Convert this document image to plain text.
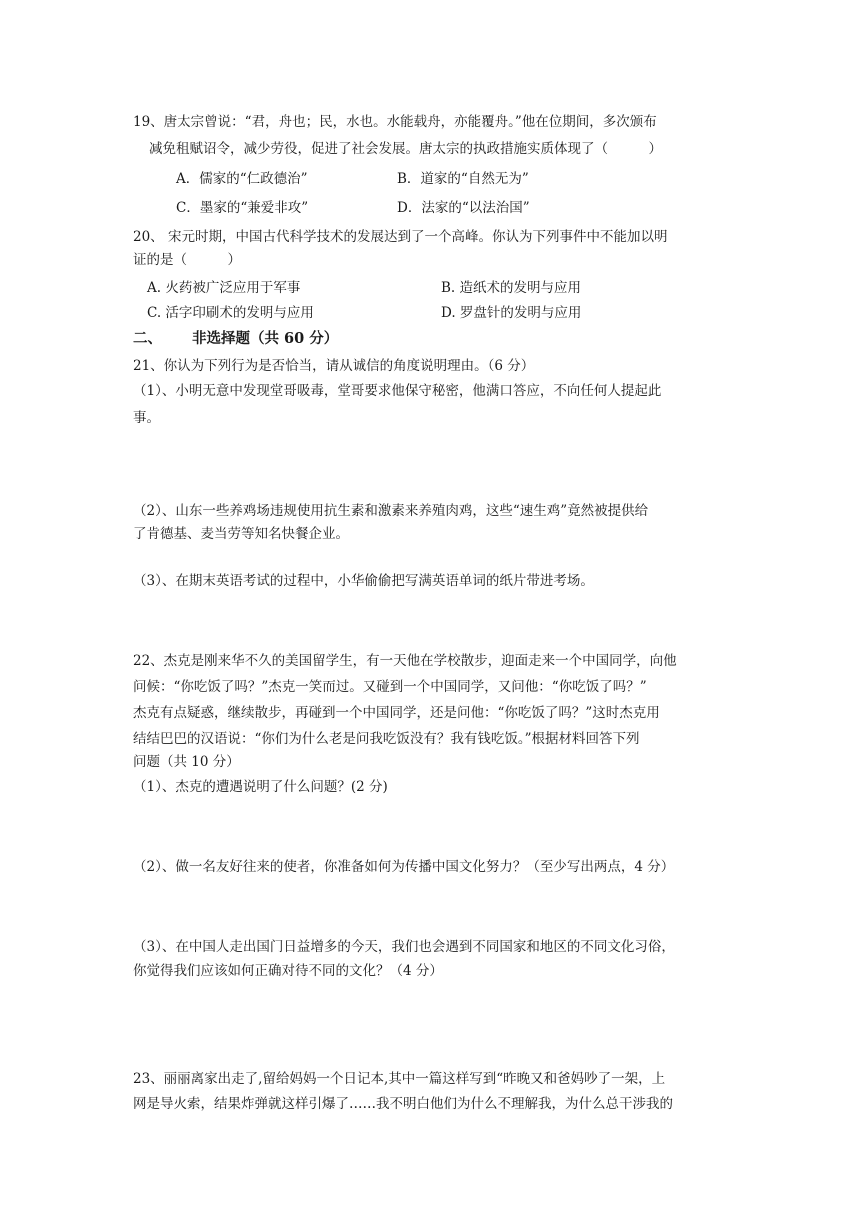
19、唐太宗曾说：“君，舟也；民，水也。水能载舟，亦能覆舟。”他在位期间，多次颁布
减免租赋诏令，减少劳役，促进了社会发展。唐太宗的执政措施实质体现了（　　　）
A．儒家的“仁政德治”	B．道家的“自然无为”
C．墨家的“兼爱非攻”	D．法家的“以法治国”
20、 宋元时期，中国古代科学技术的发展达到了一个高峰。你认为下列事件中不能加以明
证的是（　　　）
A. 火药被广泛应用于军事	B. 造纸术的发明与应用
C. 活字印刷术的发明与应用	D. 罗盘针的发明与应用
二、 非选择题（共 60 分）
21、你认为下列行为是否恰当，请从诚信的角度说明理由。（6 分）
（1）、小明无意中发现堂哥吸毒，堂哥要求他保守秘密，他满口答应，不向任何人提起此
事。
（2）、山东一些养鸡场违规使用抗生素和激素来养殖肉鸡，这些“速生鸡”竟然被提供给
了肯德基、麦当劳等知名快餐企业。
（3）、在期末英语考试的过程中，小华偷偷把写满英语单词的纸片带进考场。
22、杰克是刚来华不久的美国留学生，有一天他在学校散步，迎面走来一个中国同学，向他
问候：“你吃饭了吗？”杰克一笑而过。又碰到一个中国同学，又问他：“你吃饭了吗？”
杰克有点疑惑，继续散步，再碰到一个中国同学，还是问他：“你吃饭了吗？”这时杰克用
结结巴巴的汉语说：“你们为什么老是问我吃饭没有？我有钱吃饭。”根据材料回答下列
问题（共 10 分）
（1）、杰克的遭遇说明了什么问题？(2 分)
（2）、做一名友好往来的使者，你准备如何为传播中国文化努力？（至少写出两点，4 分）
（3）、在中国人走出国门日益增多的今天，我们也会遇到不同国家和地区的不同文化习俗，
你觉得我们应该如何正确对待不同的文化？（4 分）
23、丽丽离家出走了,留给妈妈一个日记本,其中一篇这样写到“昨晚又和爸妈吵了一架，上
网是导火索，结果炸弹就这样引爆了……我不明白他们为什么不理解我，为什么总干涉我的
